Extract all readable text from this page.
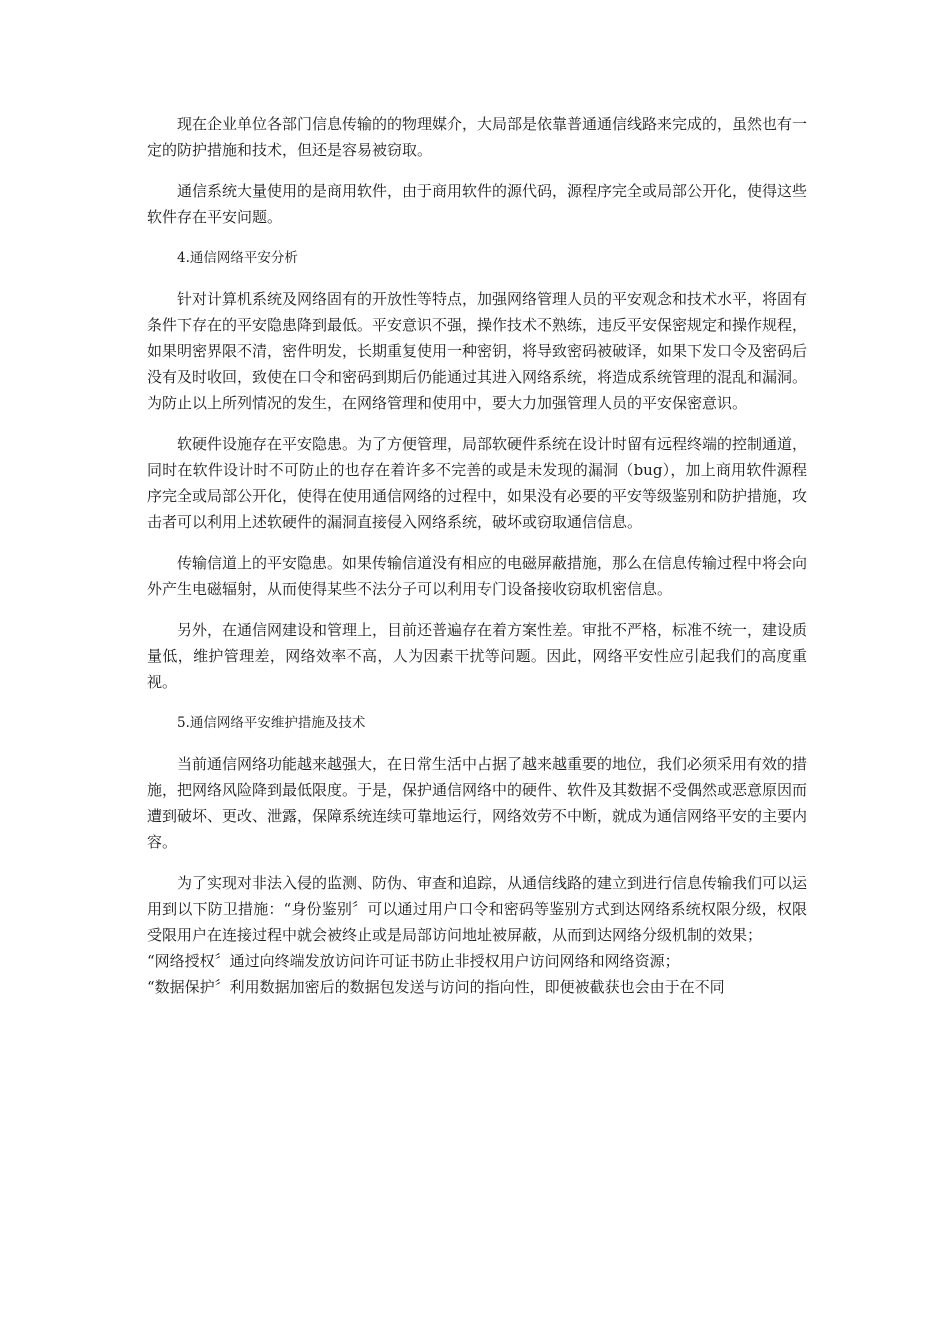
现在企业单位各部门信息传输的的物理媒介，大局部是依靠普通通信线路来完成的，虽然也有一定的防护措施和技术，但还是容易被窃取。

通信系统大量使用的是商用软件，由于商用软件的源代码，源程序完全或局部公开化，使得这些软件存在平安问题。

4.通信网络平安分析

针对计算机系统及网络固有的开放性等特点，加强网络管理人员的平安观念和技术水平，将固有条件下存在的平安隐患降到最低。平安意识不强，操作技术不熟练，违反平安保密规定和操作规程，如果明密界限不清，密件明发，长期重复使用一种密钥，将导致密码被破译，如果下发口令及密码后没有及时收回，致使在口令和密码到期后仍能通过其进入网络系统，将造成系统管理的混乱和漏洞。为防止以上所列情况的发生，在网络管理和使用中，要大力加强管理人员的平安保密意识。

软硬件设施存在平安隐患。为了方便管理，局部软硬件系统在设计时留有远程终端的控制通道，同时在软件设计时不可防止的也存在着许多不完善的或是未发现的漏洞（bug），加上商用软件源程序完全或局部公开化，使得在使用通信网络的过程中，如果没有必要的平安等级鉴别和防护措施，攻击者可以利用上述软硬件的漏洞直接侵入网络系统，破坏或窃取通信信息。

传输信道上的平安隐患。如果传输信道没有相应的电磁屏蔽措施，那么在信息传输过程中将会向外产生电磁辐射，从而使得某些不法分子可以利用专门设备接收窃取机密信息。

另外，在通信网建设和管理上，目前还普遍存在着方案性差。审批不严格，标准不统一，建设质量低，维护管理差，网络效率不高，人为因素干扰等问题。因此，网络平安性应引起我们的高度重视。

5.通信网络平安维护措施及技术

当前通信网络功能越来越强大，在日常生活中占据了越来越重要的地位，我们必须采用有效的措施，把网络风险降到最低限度。于是，保护通信网络中的硬件、软件及其数据不受偶然或恶意原因而遭到破坏、更改、泄露，保障系统连续可靠地运行，网络效劳不中断，就成为通信网络平安的主要内容。

为了实现对非法入侵的监测、防伪、审查和追踪，从通信线路的建立到进行信息传输我们可以运用到以下防卫措施：“身份鉴别〞可以通过用户口令和密码等鉴别方式到达网络系统权限分级，权限受限用户在连接过程中就会被终止或是局部访问地址被屏蔽，从而到达网络分级机制的效果；

“网络授权〞通过向终端发放访问许可证书防止非授权用户访问网络和网络资源；

“数据保护〞利用数据加密后的数据包发送与访问的指向性，即便被截获也会由于在不同
